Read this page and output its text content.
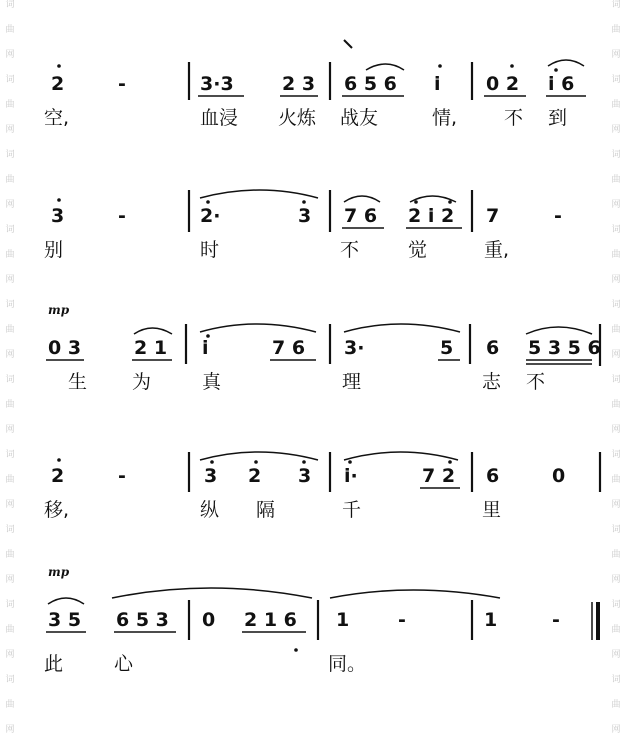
词
曲
网
词
曲
网
词
曲
网
词
曲
网
词
曲
网
词
曲
网
词
曲
网
词
曲
网
词
曲
网
词
曲
网
词
曲
网
词
曲
网
词
曲
网
词
曲
网
词
曲
网
词
曲
网
词
曲
网
词
曲
网
词
曲
网
词
曲
网
2	-	3·3	2 3 6 5 6 i 0 2 i 6
空,	血浸 火炼 战友	情, 不 到
3	-	2·	3 7 6 2 i 2 7	-
别	时	不	觉	重,
mp
0 3	2 1 i	7 6 3·	5 6 5 3 5 6
生 为	真	理	志 不
2	-	3 2 3 i·	7 2 6	0
移,	纵 隔	千	里
mp
3 5 6 5 3 0 2 1 6 1	-	1	-
此	心	同。
